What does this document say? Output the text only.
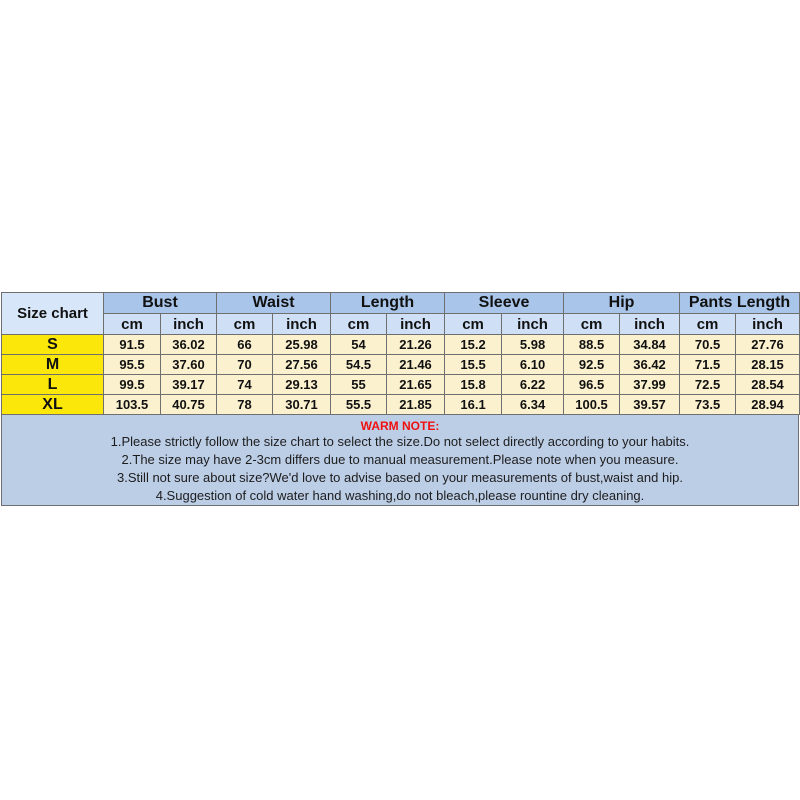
Size chart	Bust		Waist		Length		Sleeve		Hip		Pants Length	
	cm	inch	cm	inch	cm	inch	cm	inch	cm	inch	cm	inch
S	91.5	36.02	66	25.98	54	21.26	15.2	5.98	88.5	34.84	70.5	27.76
M	95.5	37.60	70	27.56	54.5	21.46	15.5	6.10	92.5	36.42	71.5	28.15
L	99.5	39.17	74	29.13	55	21.65	15.8	6.22	96.5	37.99	72.5	28.54
XL	103.5	40.75	78	30.71	55.5	21.85	16.1	6.34	100.5	39.57	73.5	28.94
WARM NOTE:
1.Please strictly follow the size chart to select the size.Do not select directly according to your habits.
2.The size may have 2-3cm differs due to manual measurement.Please note when you measure.
3.Still not sure about size?We'd love to advise based on your measurements of bust,waist and hip.
4.Suggestion of cold water hand washing,do not bleach,please rountine dry cleaning.
